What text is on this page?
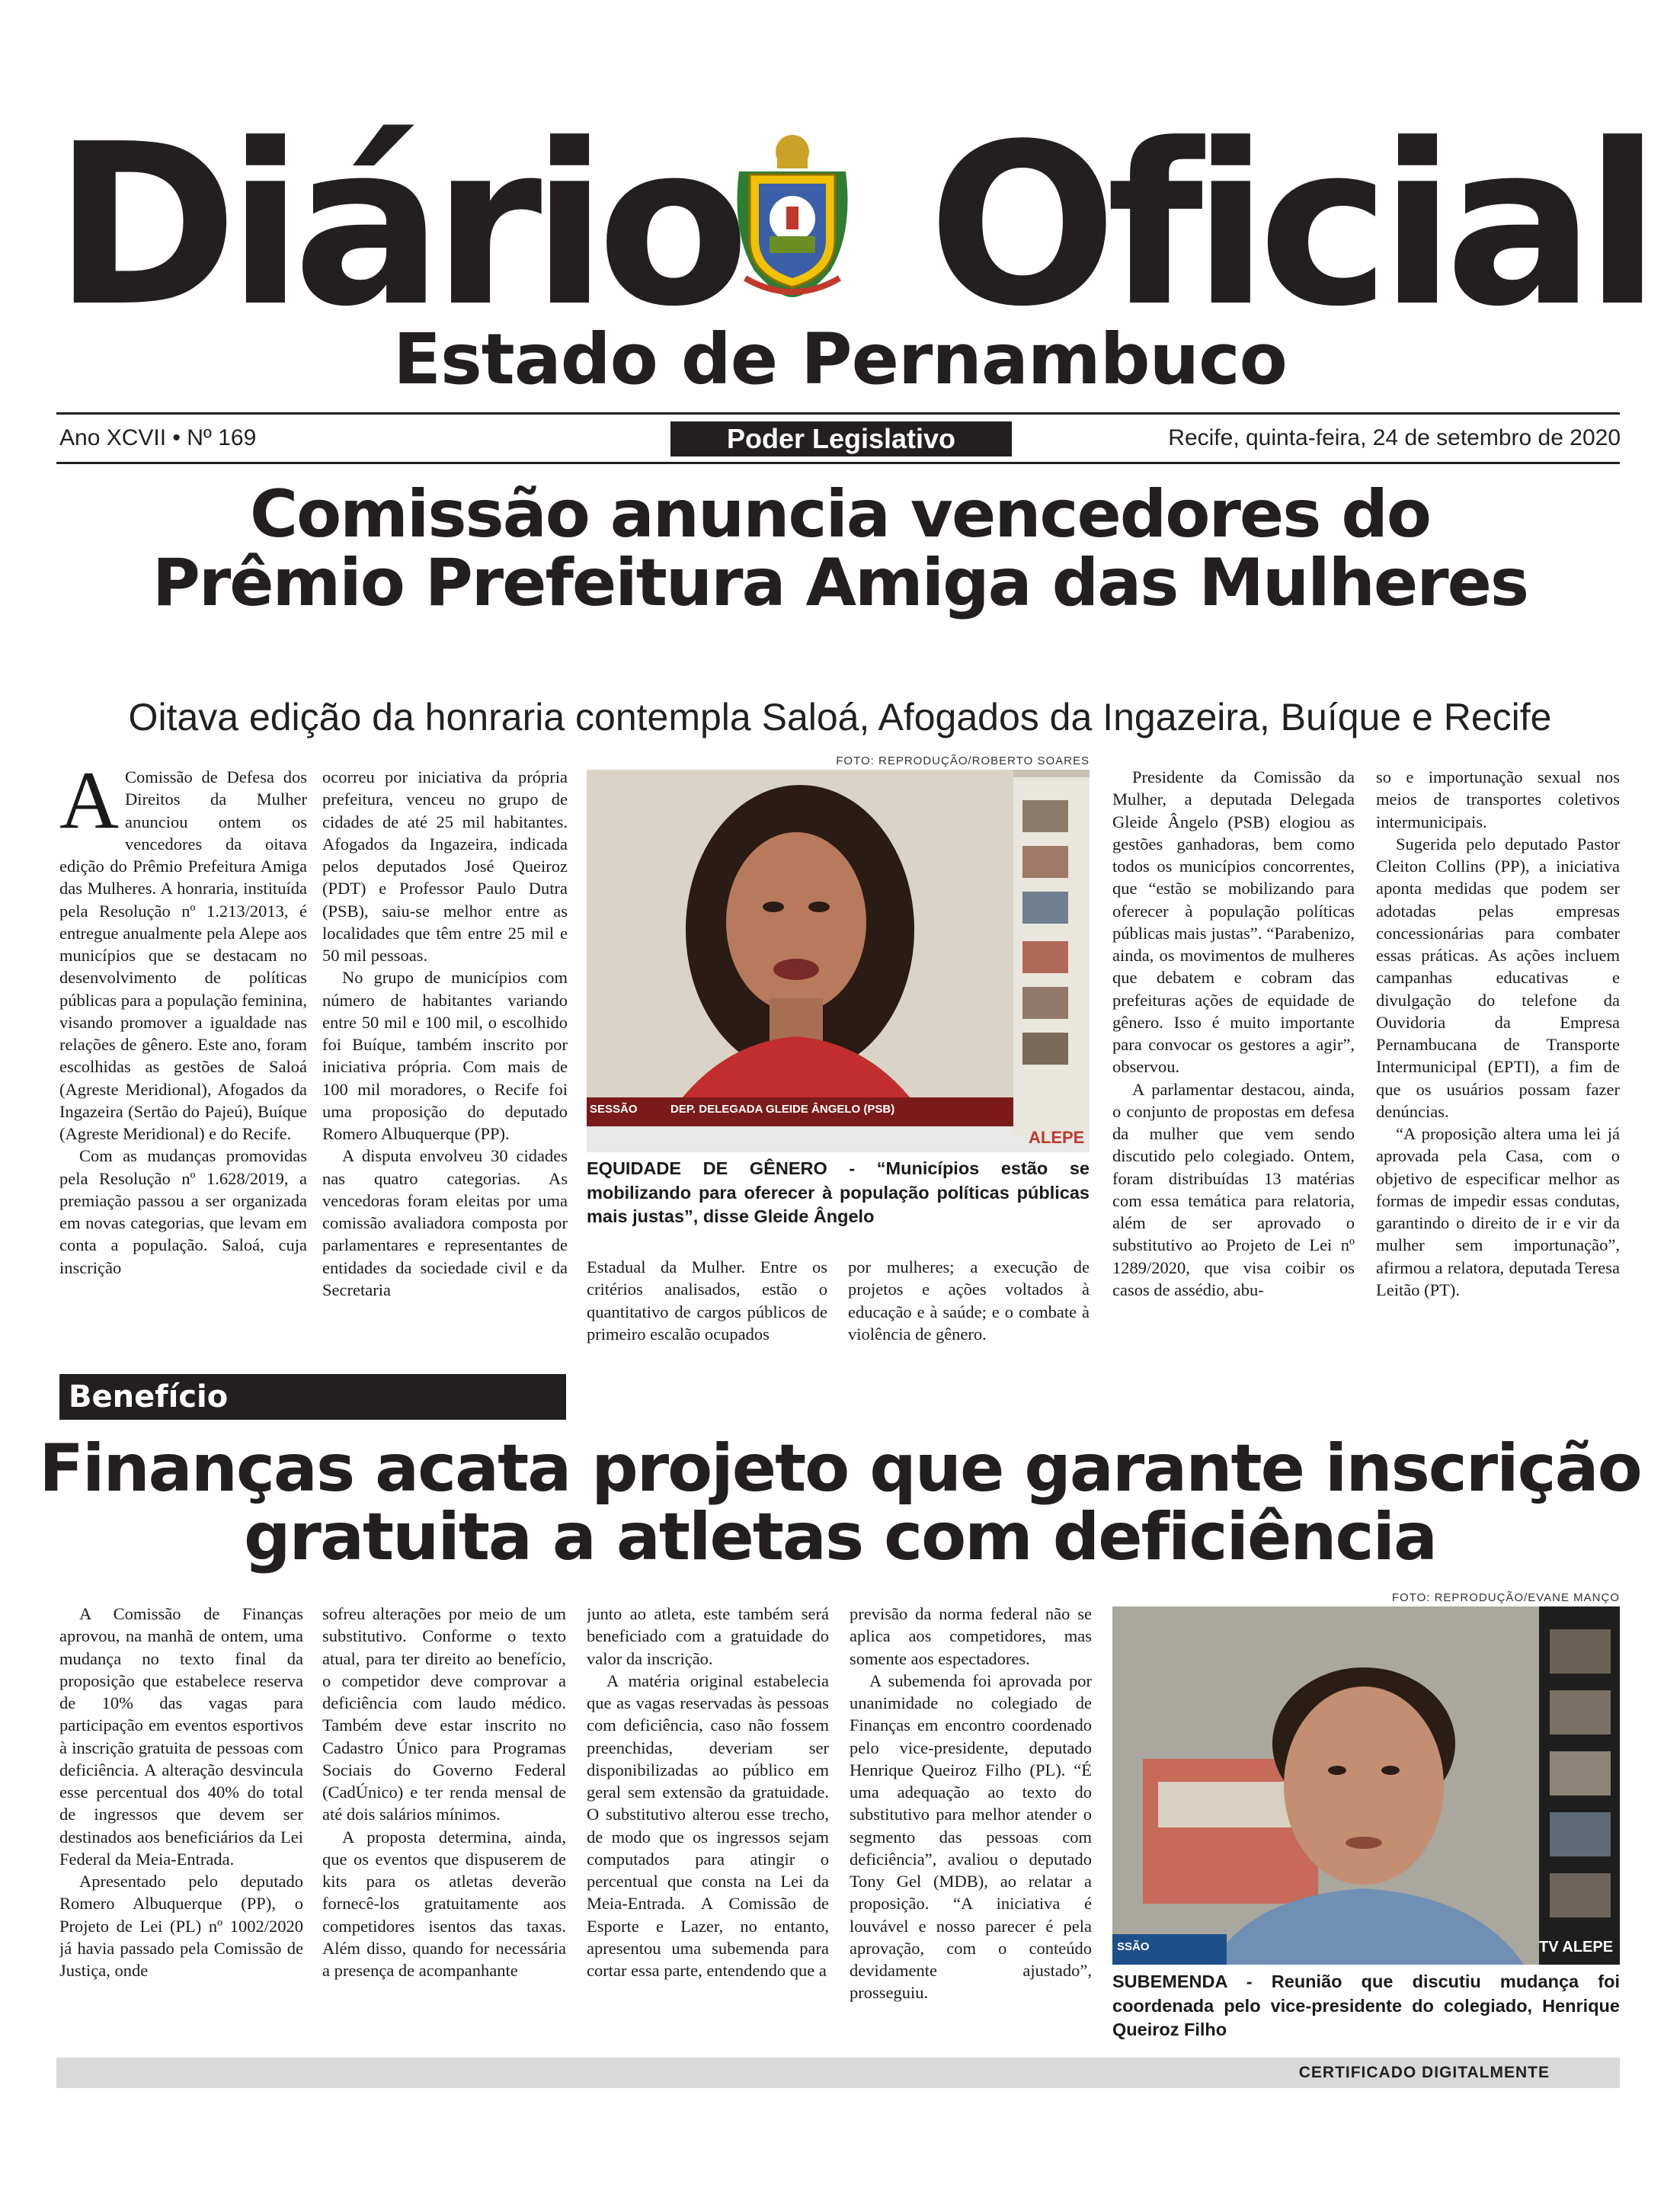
Diário Oficial
Estado de Pernambuco
Ano XCVII • Nº 169	Poder Legislativo	Recife, quinta-feira, 24 de setembro de 2020
Comissão anuncia vencedores do
Prêmio Prefeitura Amiga das Mulheres
Oitava edição da honraria contempla Saloá, Afogados da Ingazeira, Buíque e Recife
A Comissão de Defesa dos Direitos da Mulher anunciou ontem os vencedores da oitava edição do Prêmio Prefeitura Amiga das Mulheres. A honraria, instituída pela Resolução nº 1.213/2013, é entregue anualmente pela Alepe aos municípios que se destacam no desenvolvimento de políticas públicas para a população feminina, visando promover a igualdade nas relações de gênero. Este ano, foram escolhidas as gestões de Saloá (Agreste Meridional), Afogados da Ingazeira (Sertão do Pajeú), Buíque (Agreste Meridional) e do Recife.

Com as mudanças promovidas pela Resolução nº 1.628/2019, a premiação passou a ser organizada em novas categorias, que levam em conta a população. Saloá, cuja inscrição

ocorreu por iniciativa da própria prefeitura, venceu no grupo de cidades de até 25 mil habitantes. Afogados da Ingazeira, indicada pelos deputados José Queiroz (PDT) e Professor Paulo Dutra (PSB), saiu-se melhor entre as localidades que têm entre 25 mil e 50 mil pessoas.

No grupo de municípios com número de habitantes variando entre 50 mil e 100 mil, o escolhido foi Buíque, também inscrito por iniciativa própria. Com mais de 100 mil moradores, o Recife foi uma proposição do deputado Romero Albuquerque (PP).

A disputa envolveu 30 cidades nas quatro categorias. As vencedoras foram eleitas por uma comissão avaliadora composta por parlamentares e representantes de entidades da sociedade civil e da Secretaria

FOTO: REPRODUÇÃO/ROBERTO SOARES
SESSÃO	DEP. DELEGADA GLEIDE ÂNGELO (PSB)
ALEPE
EQUIDADE DE GÊNERO - “Municípios estão se mobilizando para oferecer à população políticas públicas mais justas”, disse Gleide Ângelo

Estadual da Mulher. Entre os critérios analisados, estão o quantitativo de cargos públicos de primeiro escalão ocupados

por mulheres; a execução de projetos e ações voltados à educação e à saúde; e o combate à violência de gênero.

Presidente da Comissão da Mulher, a deputada Delegada Gleide Ângelo (PSB) elogiou as gestões ganhadoras, bem como todos os municípios concorrentes, que “estão se mobilizando para oferecer à população políticas públicas mais justas”. “Parabenizo, ainda, os movimentos de mulheres que debatem e cobram das prefeituras ações de equidade de gênero. Isso é muito importante para convocar os gestores a agir”, observou.

A parlamentar destacou, ainda, o conjunto de propostas em defesa da mulher que vem sendo discutido pelo colegiado. Ontem, foram distribuídas 13 matérias com essa temática para relatoria, além de ser aprovado o substitutivo ao Projeto de Lei nº 1289/2020, que visa coibir os casos de assédio, abu-

so e importunação sexual nos meios de transportes coletivos intermunicipais.

Sugerida pelo deputado Pastor Cleiton Collins (PP), a iniciativa aponta medidas que podem ser adotadas pelas empresas concessionárias para combater essas práticas. As ações incluem campanhas educativas e divulgação do telefone da Ouvidoria da Empresa Pernambucana de Transporte Intermunicipal (EPTI), a fim de que os usuários possam fazer denúncias.

“A proposição altera uma lei já aprovada pela Casa, com o objetivo de especificar melhor as formas de impedir essas condutas, garantindo o direito de ir e vir da mulher sem importunação”, afirmou a relatora, deputada Teresa Leitão (PT).

Benefício
Finanças acata projeto que garante inscrição
gratuita a atletas com deficiência

A Comissão de Finanças aprovou, na manhã de ontem, uma mudança no texto final da proposição que estabelece reserva de 10% das vagas para participação em eventos esportivos à inscrição gratuita de pessoas com deficiência. A alteração desvincula esse percentual dos 40% do total de ingressos que devem ser destinados aos beneficiários da Lei Federal da Meia-Entrada.

Apresentado pelo deputado Romero Albuquerque (PP), o Projeto de Lei (PL) nº 1002/2020 já havia passado pela Comissão de Justiça, onde

sofreu alterações por meio de um substitutivo. Conforme o texto atual, para ter direito ao benefício, o competidor deve comprovar a deficiência com laudo médico. Também deve estar inscrito no Cadastro Único para Programas Sociais do Governo Federal (CadÚnico) e ter renda mensal de até dois salários mínimos.

A proposta determina, ainda, que os eventos que dispuserem de kits para os atletas deverão fornecê-los gratuitamente aos competidores isentos das taxas. Além disso, quando for necessária a presença de acompanhante

junto ao atleta, este também será beneficiado com a gratuidade do valor da inscrição.

A matéria original estabelecia que as vagas reservadas às pessoas com deficiência, caso não fossem preenchidas, deveriam ser disponibilizadas ao público em geral sem extensão da gratuidade. O substitutivo alterou esse trecho, de modo que os ingressos sejam computados para atingir o percentual que consta na Lei da Meia-Entrada. A Comissão de Esporte e Lazer, no entanto, apresentou uma subemenda para cortar essa parte, entendendo que a

previsão da norma federal não se aplica aos competidores, mas somente aos espectadores.

A subemenda foi aprovada por unanimidade no colegiado de Finanças em encontro coordenado pelo vice-presidente, deputado Henrique Queiroz Filho (PL). “É uma adequação ao texto do substitutivo para melhor atender o segmento das pessoas com deficiência”, avaliou o deputado Tony Gel (MDB), ao relatar a proposição. “A iniciativa é louvável e nosso parecer é pela aprovação, com o conteúdo devidamente ajustado”, prosseguiu.

FOTO: REPRODUÇÃO/EVANE MANÇO
SSÃO	TV ALEPE
SUBEMENDA - Reunião que discutiu mudança foi coordenada pelo vice-presidente do colegiado, Henrique Queiroz Filho
CERTIFICADO DIGITALMENTE
